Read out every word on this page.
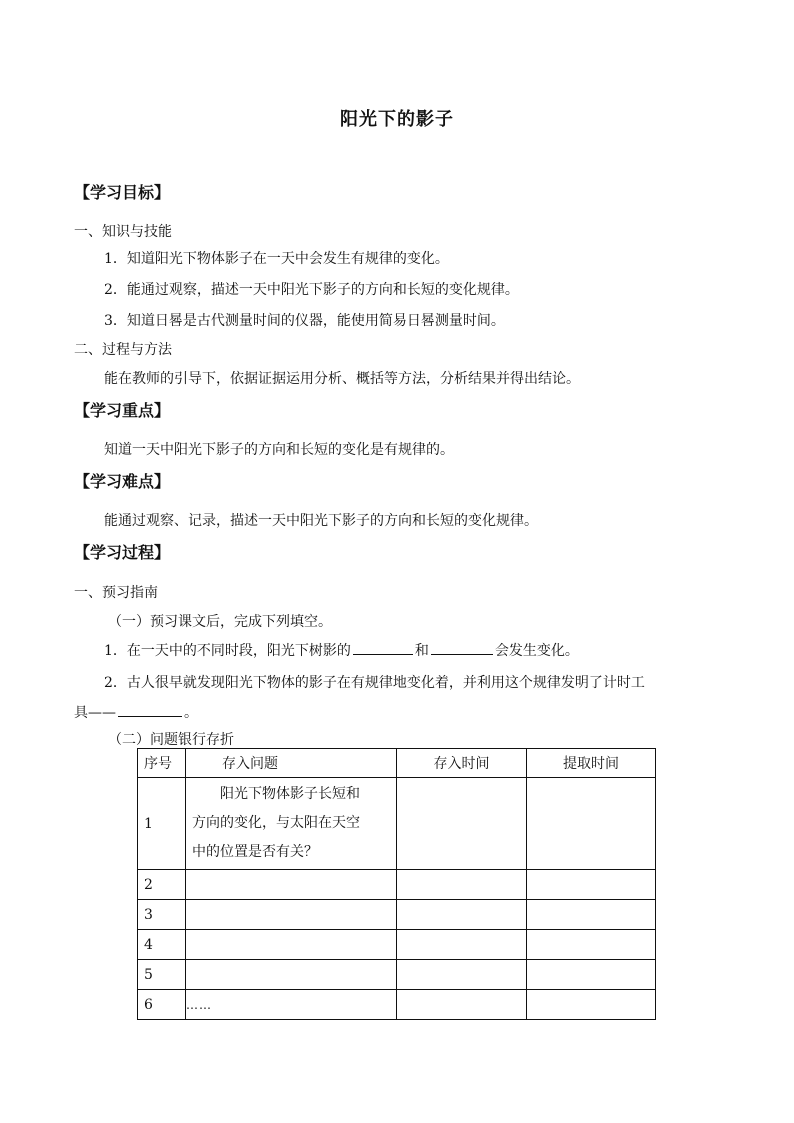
阳光下的影子
【学习目标】
一、知识与技能
1．知道阳光下物体影子在一天中会发生有规律的变化。
2．能通过观察，描述一天中阳光下影子的方向和长短的变化规律。
3．知道日晷是古代测量时间的仪器，能使用简易日晷测量时间。
二、过程与方法
能在教师的引导下，依据证据运用分析、概括等方法，分析结果并得出结论。
【学习重点】
知道一天中阳光下影子的方向和长短的变化是有规律的。
【学习难点】
能通过观察、记录，描述一天中阳光下影子的方向和长短的变化规律。
【学习过程】
一、预习指南
（一）预习课文后，完成下列填空。
1．在一天中的不同时段，阳光下树影的	和	会发生变化。
2．古人很早就发现阳光下物体的影子在有规律地变化着，并利用这个规律发明了计时工
具——	。
（二）问题银行存折
序号	存入问题	存入时间	提取时间
1	阳光下物体影子长短和
方向的变化，与太阳在天空
中的位置是否有关？		

2			
3			
4			
5			
6	……		
